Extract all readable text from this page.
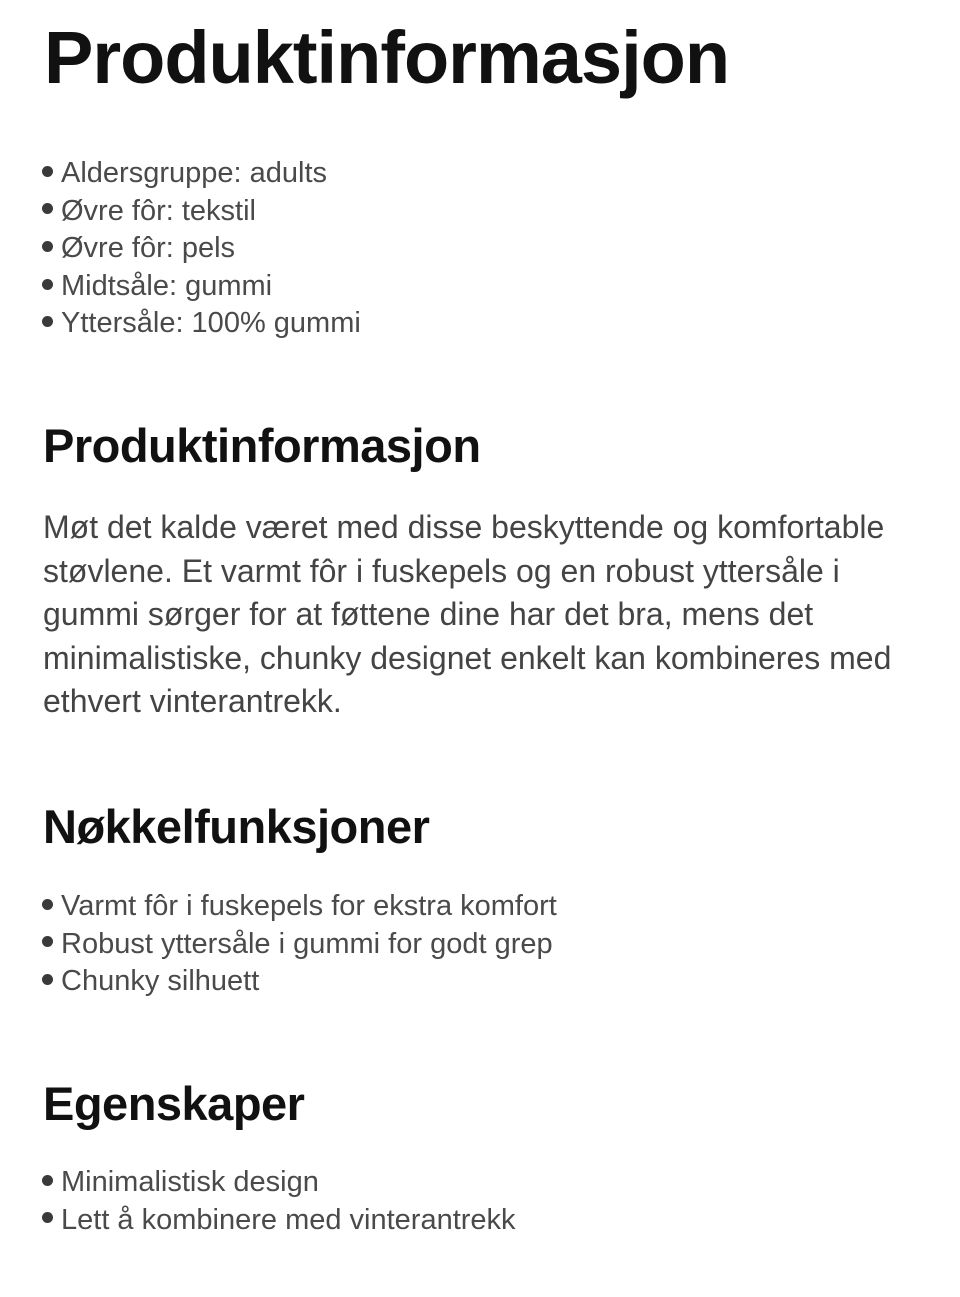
Produktinformasjon
Aldersgruppe: adults
Øvre fôr: tekstil
Øvre fôr: pels
Midtsåle: gummi
Yttersåle: 100% gummi
Produktinformasjon

Møt det kalde været med disse beskyttende og komfortable støvlene. Et varmt fôr i fuskepels og en robust yttersåle i gummi sørger for at føttene dine har det bra, mens det minimalistiske, chunky designet enkelt kan kombineres med ethvert vinterantrekk.

Nøkkelfunksjoner
Varmt fôr i fuskepels for ekstra komfort
Robust yttersåle i gummi for godt grep
Chunky silhuett
Egenskaper
Minimalistisk design
Lett å kombinere med vinterantrekk
